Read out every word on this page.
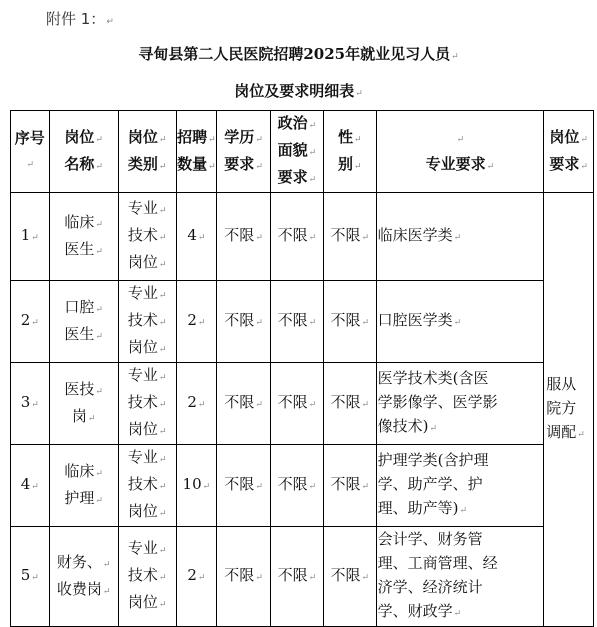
附件 1：↵
寻甸县第二人民医院招聘2025年就业见习人员↵
岗位及要求明细表↵
序号↵	岗位↵
名称↵	岗位↵
类别↵	招聘↵
数量↵	学历↵
要求↵	政治↵
面貌↵
要求↵	性↵
别↵	↵
专业要求↵	岗位↵
要求↵

1↵	临床↵
医生↵	专业↵
技术↵
岗位↵	4↵	不限↵	不限↵	不限↵	临床医学类↵	服从
院方
调配↵

2↵	口腔↵
医生↵	专业↵
技术↵
岗位↵	2↵	不限↵	不限↵	不限↵	口腔医学类↵	
3↵	医技↵
岗↵	专业↵
技术↵
岗位↵	2↵	不限↵	不限↵	不限↵	医学技术类(含医
学影像学、医学影
像技术)↵	

4↵	临床↵
护理↵	专业↵
技术↵
岗位↵	10↵	不限↵	不限↵	不限↵	护理学类(含护理
学、助产学、护
理、助产等)↵	

5↵	财务、↵
收费岗↵	专业↵
技术↵
岗位↵	2↵	不限↵	不限↵	不限↵	会计学、财务管
理、工商管理、经
济学、经济统计
学、财政学↵	
